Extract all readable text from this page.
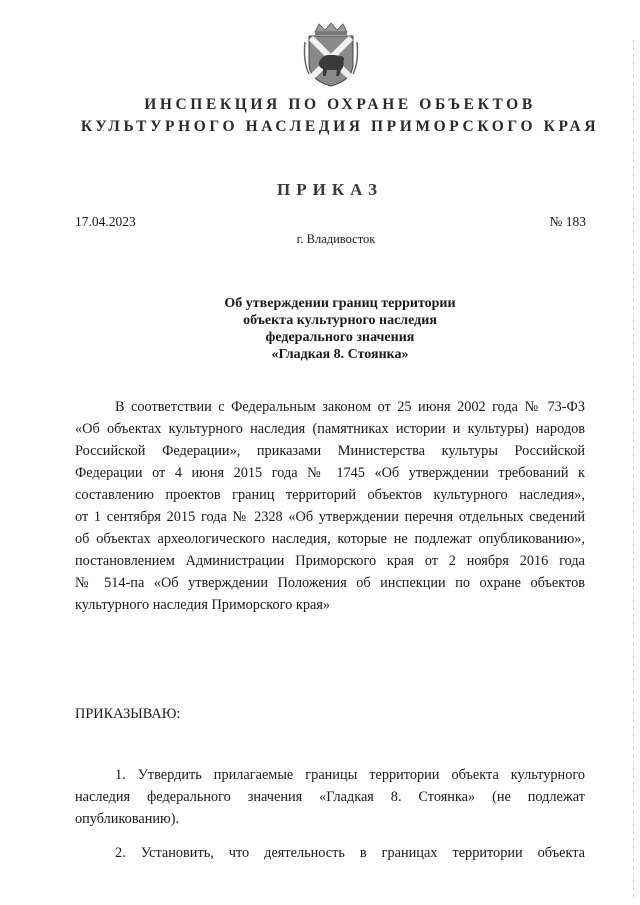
ИНСПЕКЦИЯ ПО ОХРАНЕ ОБЪЕКТОВ
КУЛЬТУРНОГО НАСЛЕДИЯ ПРИМОРСКОГО КРАЯ
ПРИКАЗ
17.04.2023	№ 183
г. Владивосток
Об утверждении границ территории
объекта культурного наследия
федерального значения
«Гладкая 8. Стоянка»
В соответствии с Федеральным законом от 25 июня 2002 года № 73-ФЗ
«Об объектах культурного наследия (памятниках истории и культуры) народов
Российской Федерации», приказами Министерства культуры Российской
Федерации от 4 июня 2015 года № 1745 «Об утверждении требований к
составлению проектов границ территорий объектов культурного наследия»,
от 1 сентября 2015 года № 2328 «Об утверждении перечня отдельных сведений
об объектах археологического наследия, которые не подлежат опубликованию»,
постановлением Администрации Приморского края от 2 ноября 2016 года
№ 514-па «Об утверждении Положения об инспекции по охране объектов
культурного наследия Приморского края»
ПРИКАЗЫВАЮ:
1. Утвердить прилагаемые границы территории объекта культурного
наследия федерального значения «Гладкая 8. Стоянка» (не подлежат
опубликованию).
2. Установить, что деятельность в границах территории объекта
